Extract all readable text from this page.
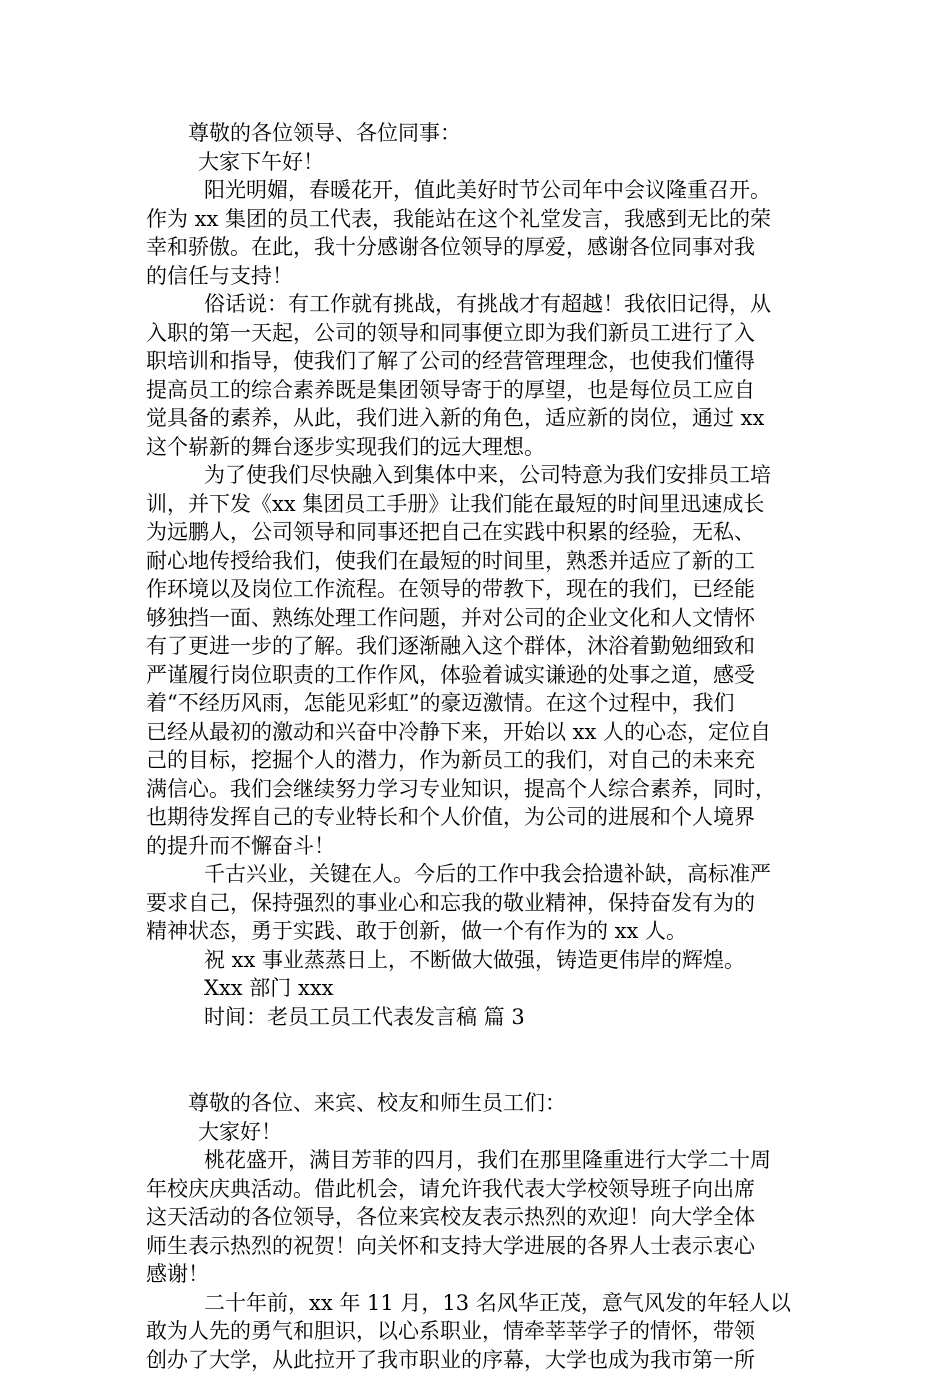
尊敬的各位领导、各位同事：
大家下午好！
阳光明媚，春暖花开，值此美好时节公司年中会议隆重召开。
作为 xx 集团的员工代表，我能站在这个礼堂发言，我感到无比的荣
幸和骄傲。在此，我十分感谢各位领导的厚爱，感谢各位同事对我
的信任与支持！
俗话说：有工作就有挑战，有挑战才有超越！我依旧记得，从
入职的第一天起，公司的领导和同事便立即为我们新员工进行了入
职培训和指导，使我们了解了公司的经营管理理念，也使我们懂得
提高员工的综合素养既是集团领导寄于的厚望，也是每位员工应自
觉具备的素养，从此，我们进入新的角色，适应新的岗位，通过 xx
这个崭新的舞台逐步实现我们的远大理想。
为了使我们尽快融入到集体中来，公司特意为我们安排员工培
训，并下发《xx 集团员工手册》让我们能在最短的时间里迅速成长
为远鹏人，公司领导和同事还把自己在实践中积累的经验，无私、
耐心地传授给我们，使我们在最短的时间里，熟悉并适应了新的工
作环境以及岗位工作流程。在领导的带教下，现在的我们，已经能
够独挡一面、熟练处理工作问题，并对公司的企业文化和人文情怀
有了更进一步的了解。我们逐渐融入这个群体，沐浴着勤勉细致和
严谨履行岗位职责的工作作风，体验着诚实谦逊的处事之道，感受
着“不经历风雨，怎能见彩虹”的豪迈激情。在这个过程中，我们
已经从最初的激动和兴奋中冷静下来，开始以 xx 人的心态，定位自
己的目标，挖掘个人的潜力，作为新员工的我们，对自己的未来充
满信心。我们会继续努力学习专业知识，提高个人综合素养，同时，
也期待发挥自己的专业特长和个人价值，为公司的进展和个人境界
的提升而不懈奋斗！
千古兴业，关键在人。今后的工作中我会拾遗补缺，高标准严
要求自己，保持强烈的事业心和忘我的敬业精神，保持奋发有为的
精神状态，勇于实践、敢于创新，做一个有作为的 xx 人。
祝 xx 事业蒸蒸日上，不断做大做强，铸造更伟岸的辉煌。
Xxx 部门 xxx
时间：老员工员工代表发言稿 篇 3
尊敬的各位、来宾、校友和师生员工们：
大家好！
桃花盛开，满目芳菲的四月，我们在那里隆重进行大学二十周
年校庆庆典活动。借此机会，请允许我代表大学校领导班子向出席
这天活动的各位领导，各位来宾校友表示热烈的欢迎！向大学全体
师生表示热烈的祝贺！向关怀和支持大学进展的各界人士表示衷心
感谢！
二十年前，xx 年 11 月，13 名风华正茂，意气风发的年轻人以
敢为人先的勇气和胆识，以心系职业，情牵莘莘学子的情怀，带领
创办了大学，从此拉开了我市职业的序幕，大学也成为我市第一所
